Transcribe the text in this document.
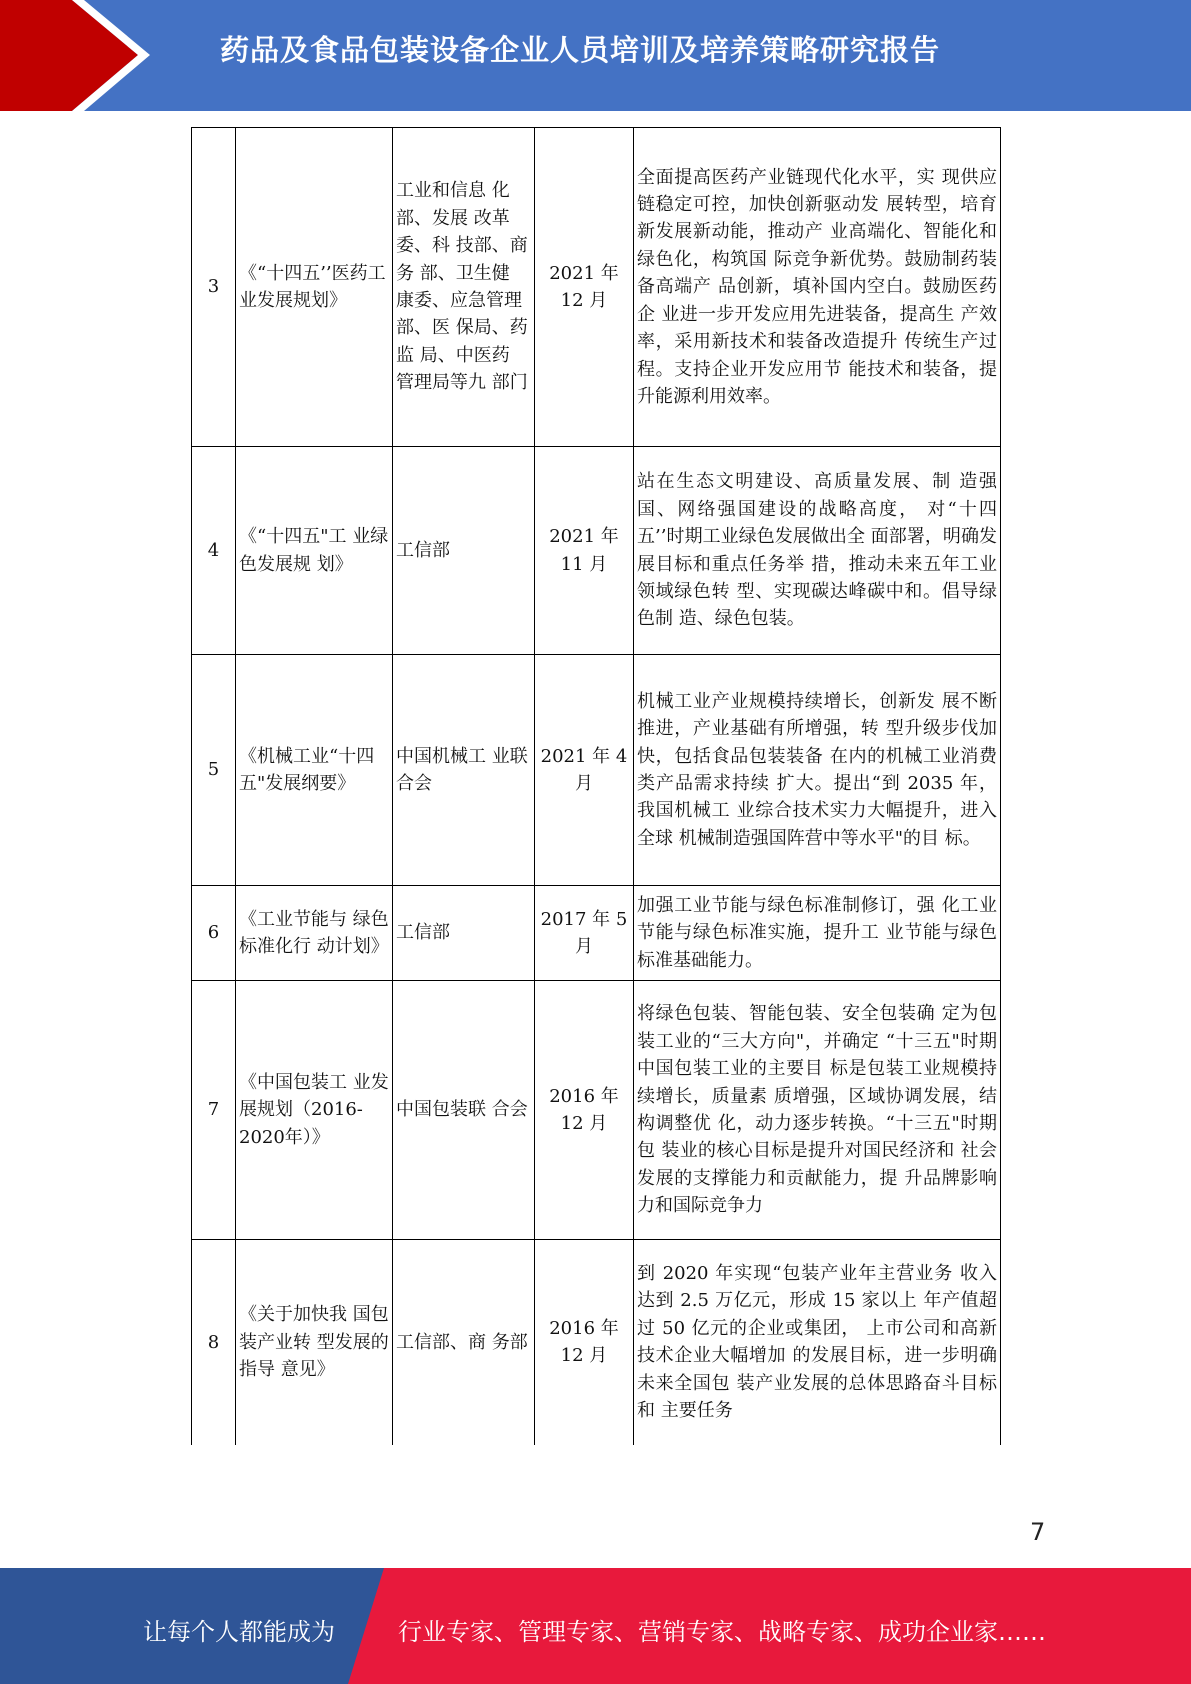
药品及食品包装设备企业人员培训及培养策略研究报告
3	《“十四五’’医药工业发展规划》	工业和信息 化部、发展 改革委、科 技部、商务 部、卫生健 康委、应急管理部、医 保局、药监 局、中医药 管理局等九 部门	2021 年 12 月	全面提高医药产业链现代化水平，实 现供应链稳定可控，加快创新驱动发 展转型，培育新发展新动能，推动产 业高端化、智能化和绿色化，构筑国 际竞争新优势。鼓励制药装备高端产 品创新，填补国内空白。鼓励医药企 业进一步开发应用先进装备，提高生 产效率，采用新技术和装备改造提升 传统生产过程。支持企业开发应用节 能技术和装备，提升能源利用效率。
4	《“十四五"工 业绿色发展规 划》	工信部	2021 年 11 月	站在生态文明建设、高质量发展、制 造强国、网络强国建设的战略高度， 对“十四五’’时期工业绿色发展做出全 面部署，明确发展目标和重点任务举 措，推动未来五年工业领域绿色转 型、实现碳达峰碳中和。倡导绿色制 造、绿色包装。
5	《机械工业“十四五"发展纲要》	中国机械工 业联合会	2021 年 4 月	机械工业产业规模持续增长，创新发 展不断推进，产业基础有所增强，转 型升级步伐加快，包括食品包装装备 在内的机械工业消费类产品需求持续 扩大。提出“到 2035 年，我国机械工 业综合技术实力大幅提升，进入全球 机械制造强国阵营中等水平"的目 标。
6	《工业节能与 绿色标准化行 动计划》	工信部	2017 年 5 月	加强工业节能与绿色标准制修订，强 化工业节能与绿色标准实施，提升工 业节能与绿色标准基础能力。
7	《中国包装工 业发展规划（2016-2020年）》	中国包装联 合会	2016 年 12 月	将绿色包装、智能包装、安全包装确 定为包装工业的“三大方向"，并确定 “十三五"时期中国包装工业的主要目 标是包装工业规模持续增长，质量素 质增强，区域协调发展，结构调整优 化，动力逐步转换。“十三五"时期包 装业的核心目标是提升对国民经济和 社会发展的支撑能力和贡献能力，提 升品牌影响力和国际竞争力
8	《关于加快我 国包装产业转 型发展的指导 意见》	工信部、商 务部	2016 年 12 月	到 2020 年实现“包装产业年主营业务 收入达到 2.5 万亿元，形成 15 家以上 年产值超过 50 亿元的企业或集团， 上市公司和高新技术企业大幅增加 的发展目标，进一步明确未来全国包 装产业发展的总体思路奋斗目标和 主要任务
7
让每个人都能成为	行业专家、管理专家、营销专家、战略专家、成功企业家……
